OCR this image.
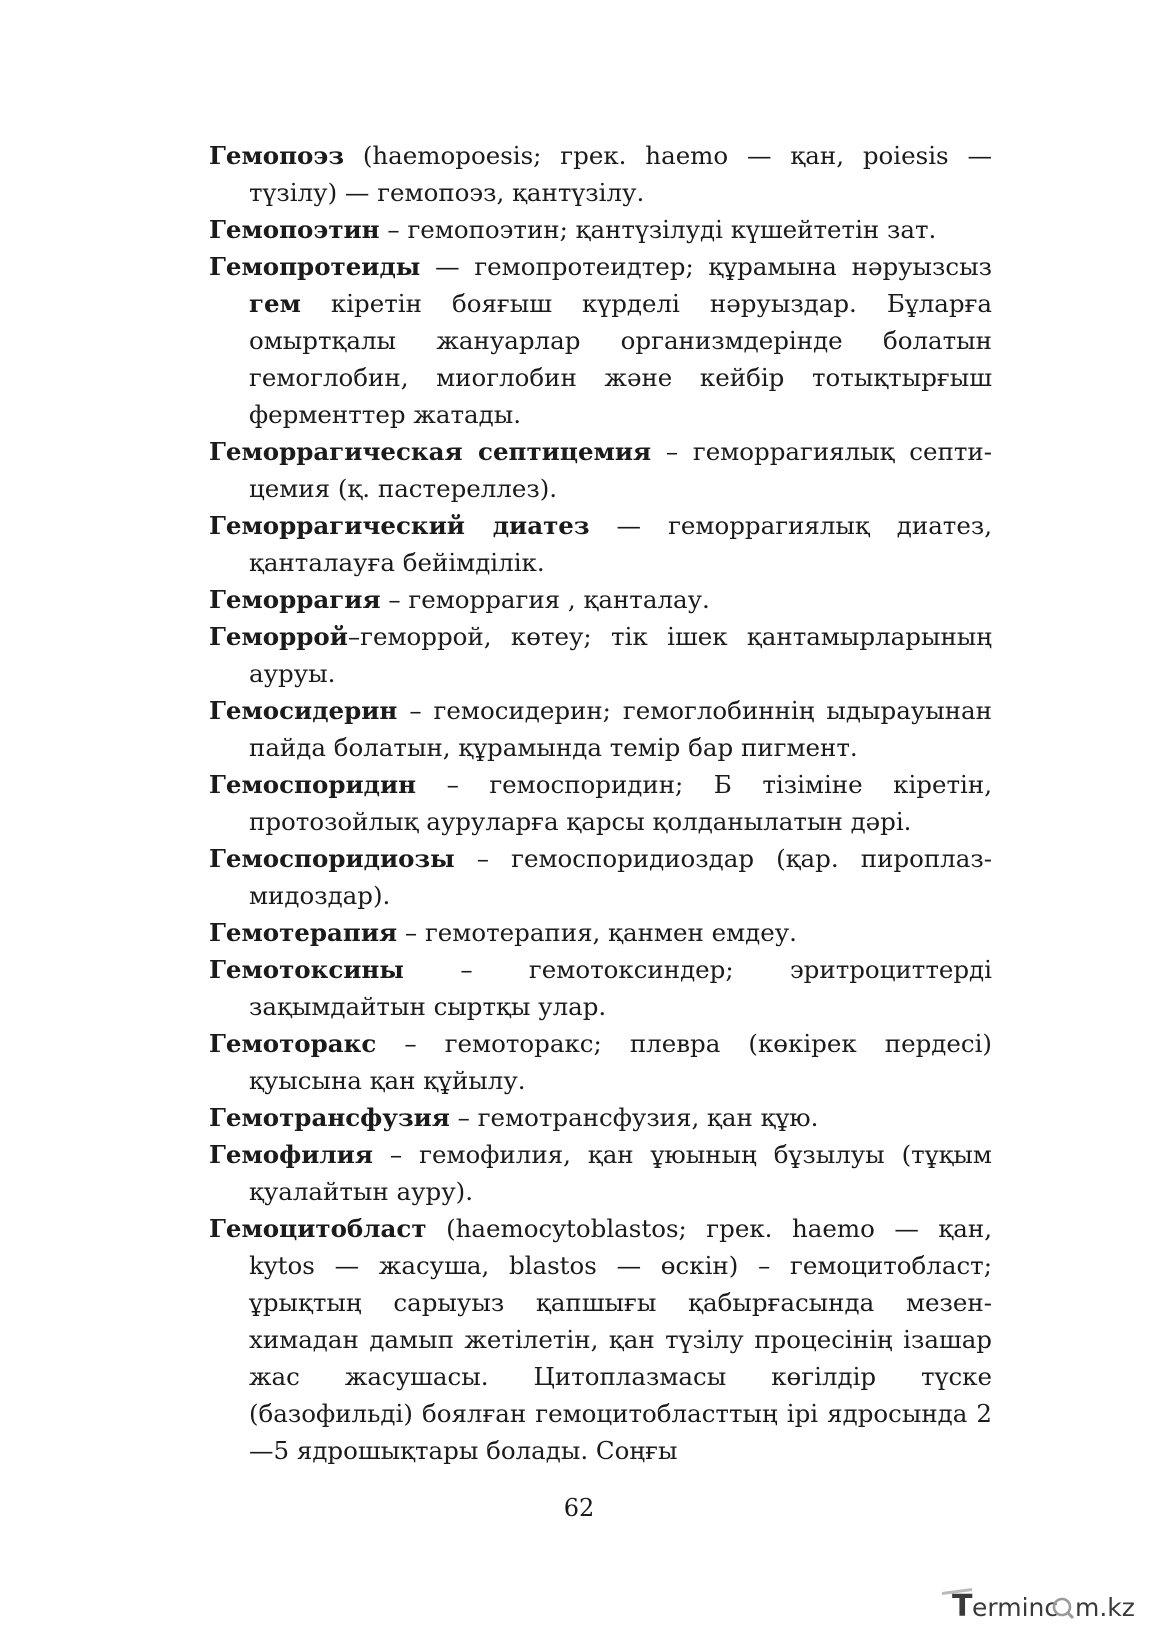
Гемопоэз (haemopoesis; грек. haemo — қан, poiesis — түзілу) — гемопоэз, қантүзілу.

Гемопоэтин – гемопоэтин; қантүзілуді күшейтетін зат.

Гемопротеиды — гемопротеидтер; құрамына нәруызсыз гем кіретін бояғыш күрделі нәруыздар. Бұларға омыртқалы жануарлар организмдерінде болатын гемоглобин, миоглобин және кейбір тотықтырғыш ферменттер жатады.

Геморрагическая септицемия – геморрагиялық септицемия (қ. пастереллез).

Геморрагический диатез — геморрагиялық диатез, қанталауға бейімділік.

Геморрагия – геморрагия , қанталау.

Геморрой–геморрой, көтеу; тік ішек қантамырларының ауруы.

Гемосидерин – гемосидерин; гемоглобиннің ыдырауынан пайда болатын, құрамында темір бар пигмент.

Гемоспоридин – гемоспоридин; Б тізіміне кіретін, протозойлық ауруларға қарсы қолданылатын дәрі.

Гемоспоридиозы – гемоспоридиоздар (қар. пироплазмидоздар).

Гемотерапия – гемотерапия, қанмен емдеу.

Гемотоксины – гемотоксиндер; эритроциттерді зақымдайтын сыртқы улар.

Гемоторакс – гемоторакс; плевра (көкірек пердесі) қуысына қан құйылу.

Гемотрансфузия – гемотрансфузия, қан құю.

Гемофилия – гемофилия, қан ұюының бұзылуы (тұқым қуалайтын ауру).

Гемоцитобласт (haemocytoblastos; грек. haemo — қан, kytos — жасуша, blastos — өскін) – гемоцитобласт; ұрықтың сарыуыз қапшығы қабырғасында мезенхимадан дамып жетілетін, қан түзілу процесінің ізашар жас жасушасы. Цитоплазмасы көгілдір түске (базофильді) боялған гемоцитобласттың ірі ядросында 2—5 ядрошықтары болады. Соңғы

62
T erminc m.kz
